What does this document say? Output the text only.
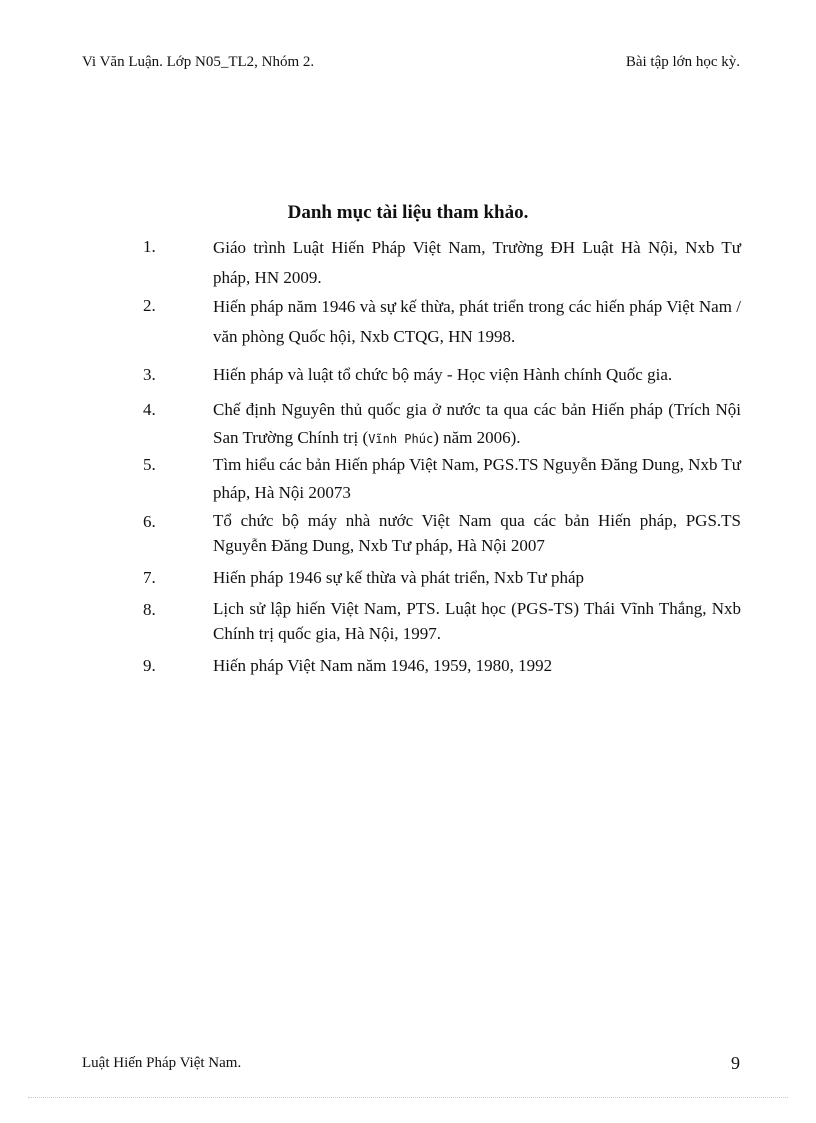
Vi Văn Luận. Lớp N05_TL2, Nhóm 2.	Bài tập lớn học kỳ.
Danh mục tài liệu tham khảo.
1.	Giáo trình Luật Hiến Pháp Việt Nam, Trường ĐH Luật Hà Nội, Nxb Tư pháp, HN 2009.
2.	Hiến pháp năm 1946 và sự kế thừa, phát triển trong các hiến pháp Việt Nam / văn phòng Quốc hội, Nxb CTQG, HN 1998.
3.	Hiến pháp và luật tổ chức bộ máy - Học viện Hành chính Quốc gia.
4.	Chế định Nguyên thủ quốc gia ở nước ta qua các bản Hiến pháp (Trích Nội San Trường Chính trị (Vĩnh Phúc) năm 2006).
5.	Tìm hiểu các bản Hiến pháp Việt Nam, PGS.TS Nguyễn Đăng Dung, Nxb Tư pháp, Hà Nội 20073
6.	Tổ chức bộ máy nhà nước Việt Nam qua các bản Hiến pháp, PGS.TS Nguyễn Đăng Dung, Nxb Tư pháp, Hà Nội 2007
7.	Hiến pháp 1946 sự kế thừa và phát triển, Nxb Tư pháp
8.	Lịch sử lập hiến Việt Nam, PTS. Luật học (PGS-TS) Thái Vĩnh Thắng, Nxb Chính trị quốc gia, Hà Nội, 1997.
9.	Hiến pháp Việt Nam năm 1946, 1959, 1980, 1992
Luật Hiến Pháp Việt Nam.	9
